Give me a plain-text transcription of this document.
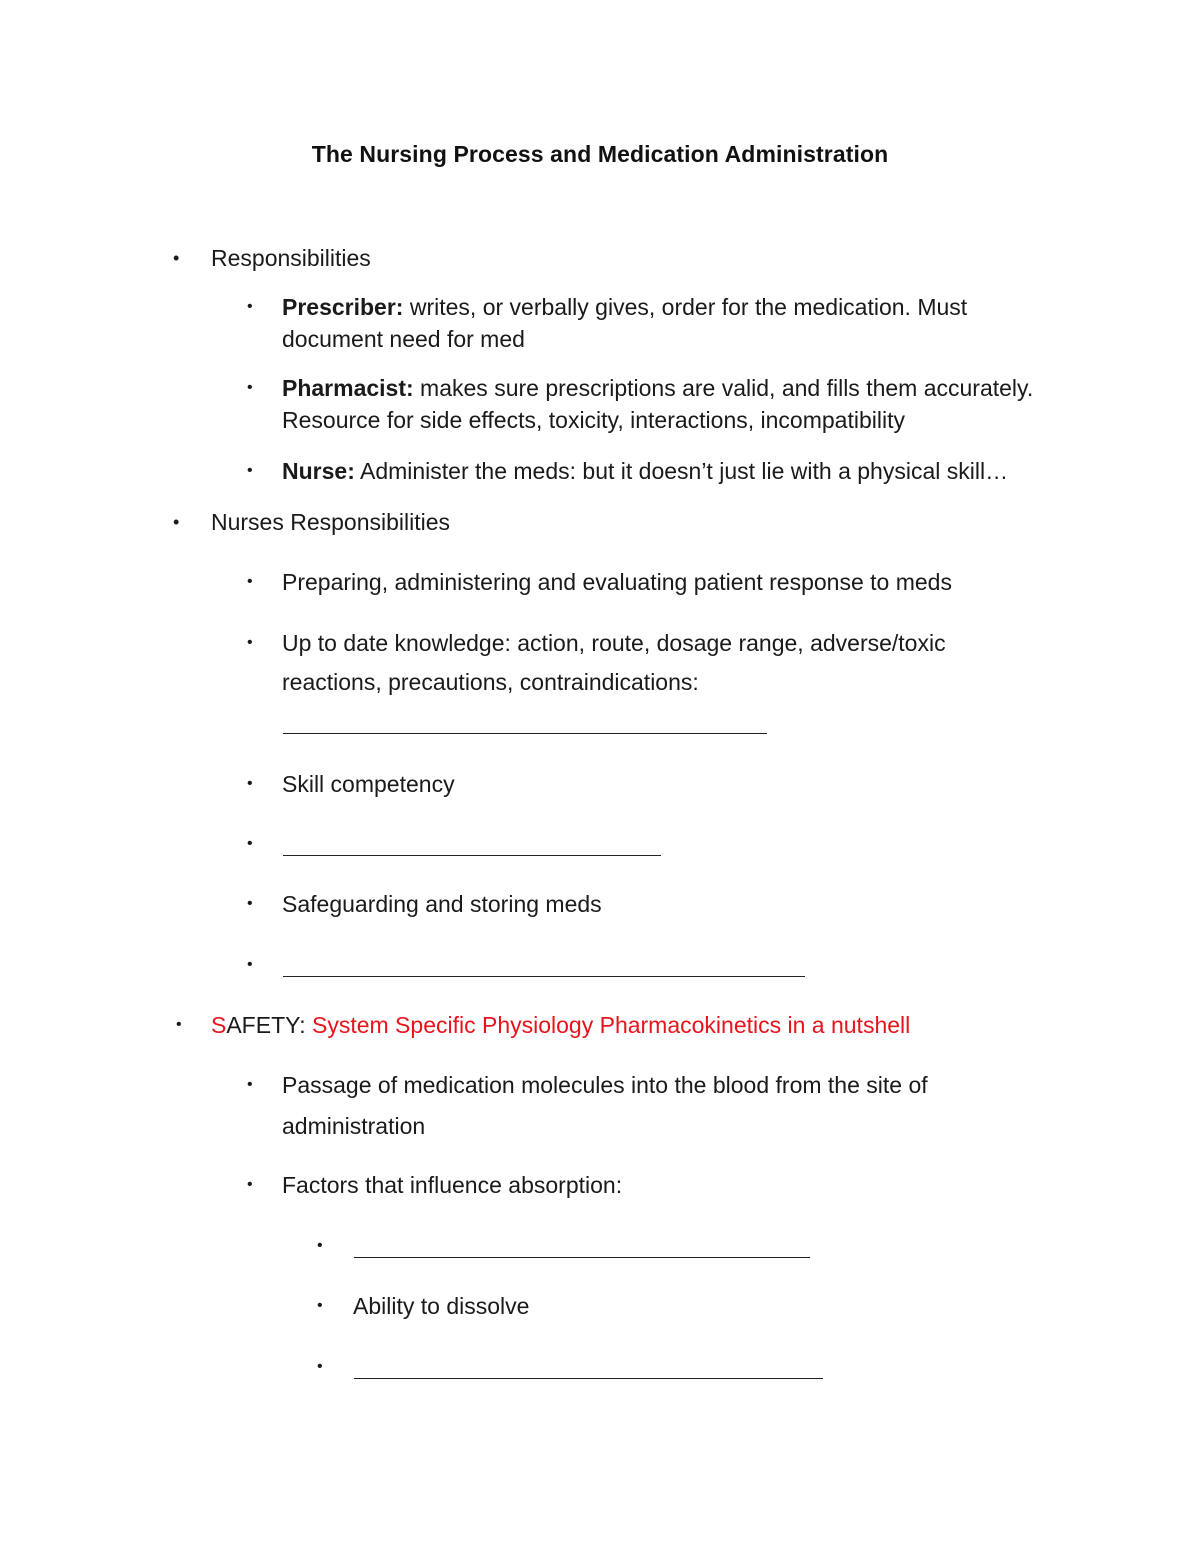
The Nursing Process and Medication Administration
• Responsibilities
• Prescriber: writes, or verbally gives, order for the medication. Must
document need for med
• Pharmacist: makes sure prescriptions are valid, and fills them accurately.
Resource for side effects, toxicity, interactions, incompatibility
• Nurse: Administer the meds: but it doesn’t just lie with a physical skill…
• Nurses Responsibilities
• Preparing, administering and evaluating patient response to meds
• Up to date knowledge: action, route, dosage range, adverse/toxic
reactions, precautions, contraindications:
• Skill competency
•
• Safeguarding and storing meds
•
• SAFETY: System Specific Physiology Pharmacokinetics in a nutshell
• Passage of medication molecules into the blood from the site of
administration
• Factors that influence absorption:
•
• Ability to dissolve
•
